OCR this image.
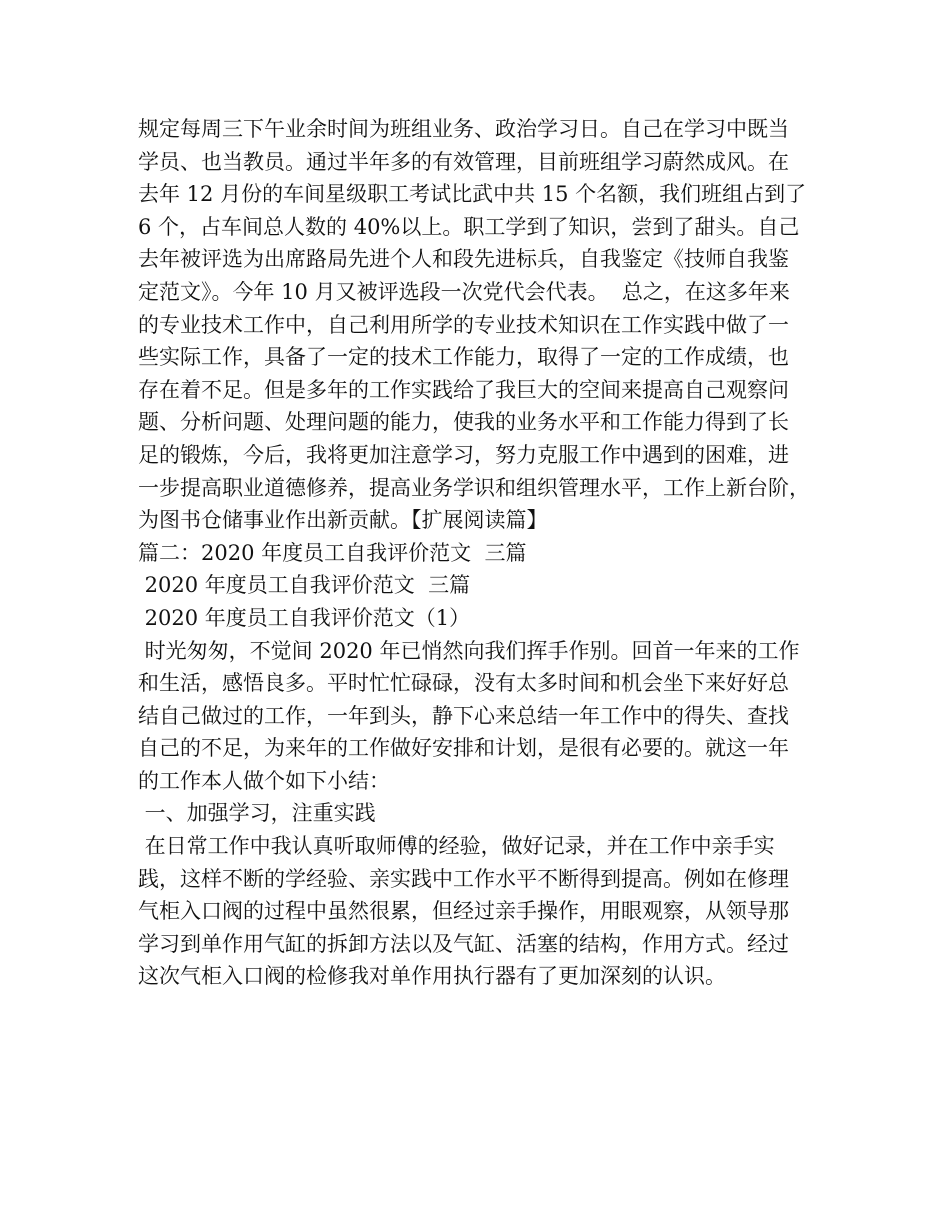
规定每周三下午业余时间为班组业务、政治学习日。自己在学习中既当
学员、也当教员。通过半年多的有效管理，目前班组学习蔚然成风。在
去年 12 月份的车间星级职工考试比武中共 15 个名额，我们班组占到了
6 个，占车间总人数的 40%以上。职工学到了知识，尝到了甜头。自己
去年被评选为出席路局先进个人和段先进标兵，自我鉴定《技师自我鉴
定范文》。今年 10 月又被评选段一次党代会代表。  总之，在这多年来
的专业技术工作中，自己利用所学的专业技术知识在工作实践中做了一
些实际工作，具备了一定的技术工作能力，取得了一定的工作成绩，也
存在着不足。但是多年的工作实践给了我巨大的空间来提高自己观察问
题、分析问题、处理问题的能力，使我的业务水平和工作能力得到了长
足的锻炼，今后，我将更加注意学习，努力克服工作中遇到的困难，进
一步提高职业道德修养，提高业务学识和组织管理水平，工作上新台阶，
为图书仓储事业作出新贡献。【扩展阅读篇】
篇二：2020 年度员工自我评价范文  三篇
2020 年度员工自我评价范文  三篇
2020 年度员工自我评价范文（1）
时光匆匆，不觉间 2020 年已悄然向我们挥手作别。回首一年来的工作
和生活，感悟良多。平时忙忙碌碌，没有太多时间和机会坐下来好好总
结自己做过的工作，一年到头，静下心来总结一年工作中的得失、查找
自己的不足，为来年的工作做好安排和计划，是很有必要的。就这一年
的工作本人做个如下小结：
一、加强学习，注重实践
在日常工作中我认真听取师傅的经验，做好记录，并在工作中亲手实
践，这样不断的学经验、亲实践中工作水平不断得到提高。例如在修理
气柜入口阀的过程中虽然很累，但经过亲手操作，用眼观察，从领导那
学习到单作用气缸的拆卸方法以及气缸、活塞的结构，作用方式。经过
这次气柜入口阀的检修我对单作用执行器有了更加深刻的认识。
